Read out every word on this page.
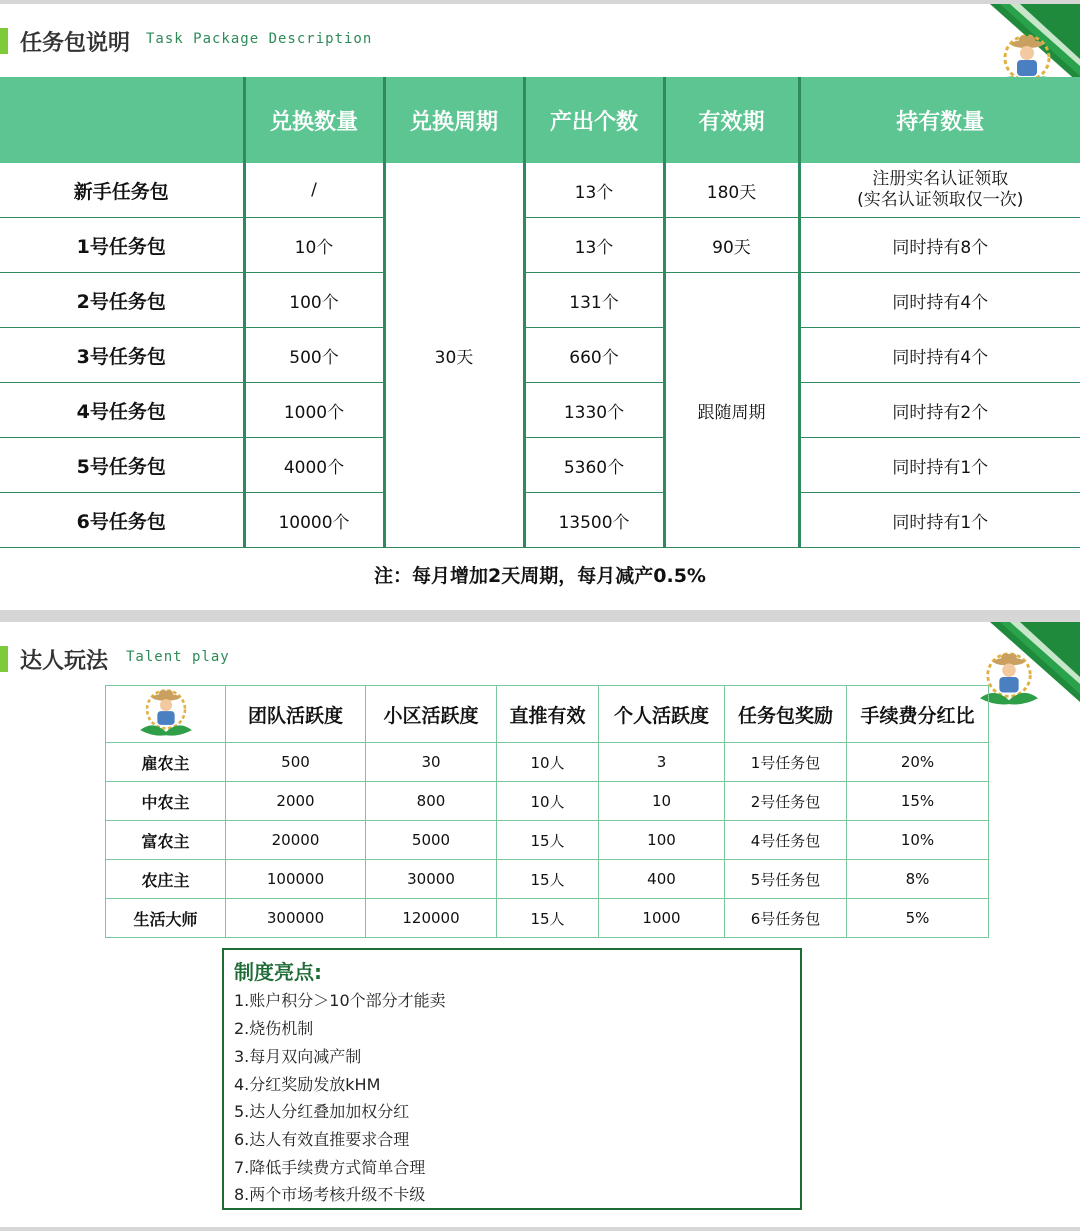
任务包说明 Task Package Description
	兑换数量	兑换周期	产出个数	有效期	持有数量
新手任务包	/	30天	13个	180天	注册实名认证领取
(实名认证领取仅一次)

1号任务包	10个		13个	90天	同时持有8个
2号任务包	100个		131个	跟随周期	同时持有4个
3号任务包	500个		660个		同时持有4个
4号任务包	1000个		1330个		同时持有2个
5号任务包	4000个		5360个		同时持有1个
6号任务包	10000个		13500个		同时持有1个
注：每月增加2天周期，每月减产0.5%					
达人玩法 Talent play
	团队活跃度	小区活跃度	直推有效	个人活跃度	任务包奖励	手续费分红比
雇农主	500	30	10人	3	1号任务包	20%
中农主	2000	800	10人	10	2号任务包	15%
富农主	20000	5000	15人	100	4号任务包	10%
农庄主	100000	30000	15人	400	5号任务包	8%
生活大师	300000	120000	15人	1000	6号任务包	5%
制度亮点:
1.账户积分＞10个部分才能卖
2.烧伤机制
3.每月双向减产制
4.分红奖励发放kHM
5.达人分红叠加加权分红
6.达人有效直推要求合理
7.降低手续费方式简单合理
8.两个市场考核升级不卡级
